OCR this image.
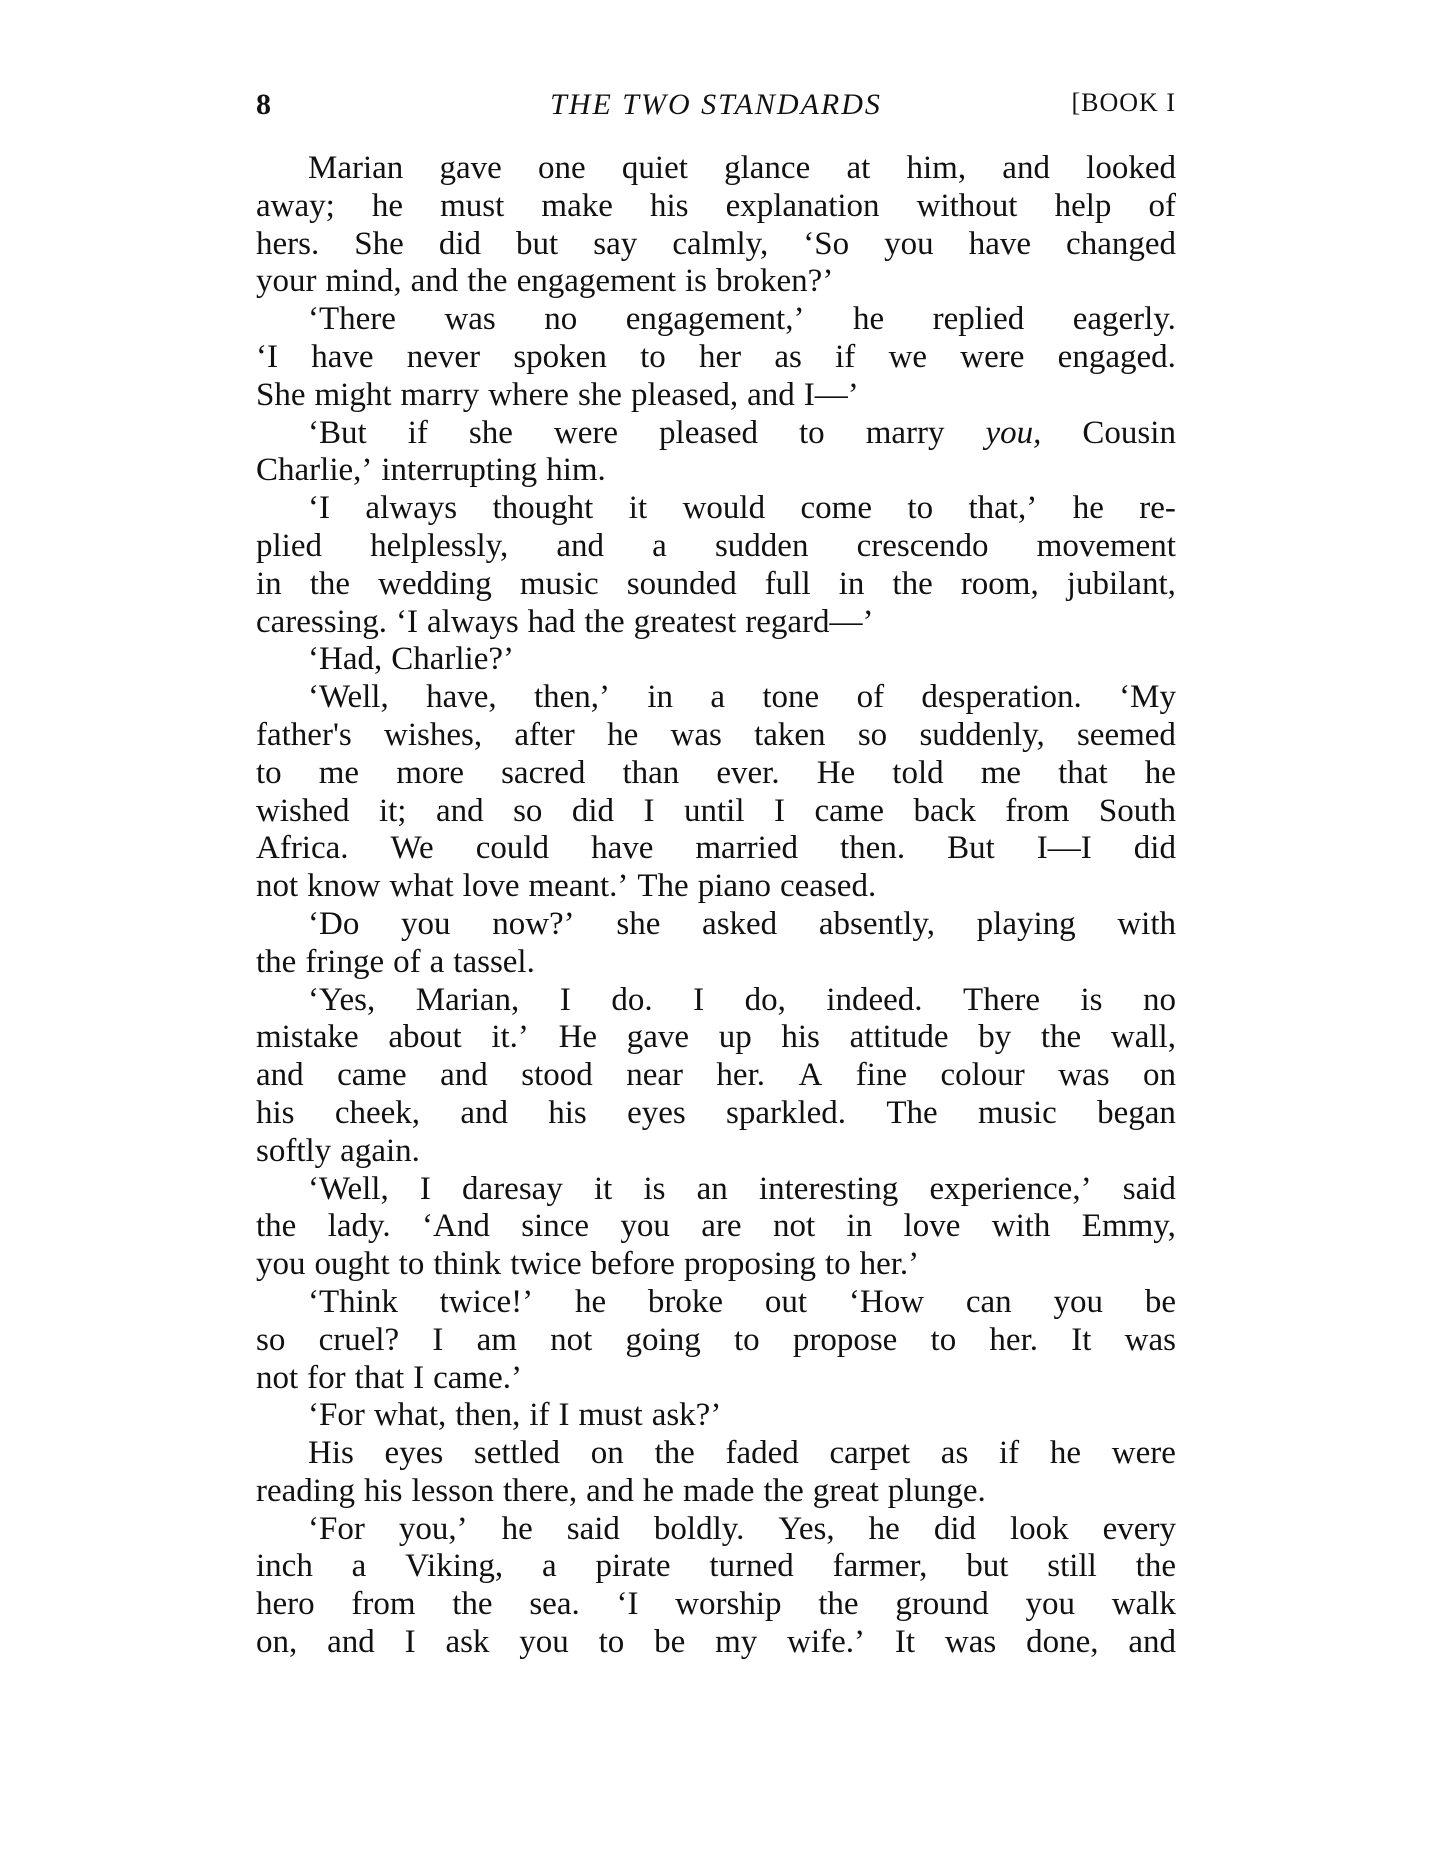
8	THE TWO STANDARDS	[BOOK I
Marian gave one quiet glance at him, and looked
away; he must make his explanation without help of
hers. She did but say calmly, ‘So you have changed
your mind, and the engagement is broken?’
‘There was no engagement,’ he replied eagerly.
‘I have never spoken to her as if we were engaged.
She might marry where she pleased, and I—’
‘But if she were pleased to marry you, Cousin
Charlie,’ interrupting him.
‘I always thought it would come to that,’ he re-
plied helplessly, and a sudden crescendo movement
in the wedding music sounded full in the room, jubilant,
caressing. ‘I always had the greatest regard—’
‘Had, Charlie?’
‘Well, have, then,’ in a tone of desperation. ‘My
father's wishes, after he was taken so suddenly, seemed
to me more sacred than ever. He told me that he
wished it; and so did I until I came back from South
Africa. We could have married then. But I—I did
not know what love meant.’ The piano ceased.
‘Do you now?’ she asked absently, playing with
the fringe of a tassel.
‘Yes, Marian, I do. I do, indeed. There is no
mistake about it.’ He gave up his attitude by the wall,
and came and stood near her. A fine colour was on
his cheek, and his eyes sparkled. The music began
softly again.
‘Well, I daresay it is an interesting experience,’ said
the lady. ‘And since you are not in love with Emmy,
you ought to think twice before proposing to her.’
‘Think twice!’ he broke out ‘How can you be
so cruel? I am not going to propose to her. It was
not for that I came.’
‘For what, then, if I must ask?’
His eyes settled on the faded carpet as if he were
reading his lesson there, and he made the great plunge.
‘For you,’ he said boldly. Yes, he did look every
inch a Viking, a pirate turned farmer, but still the
hero from the sea. ‘I worship the ground you walk
on, and I ask you to be my wife.’ It was done, and
